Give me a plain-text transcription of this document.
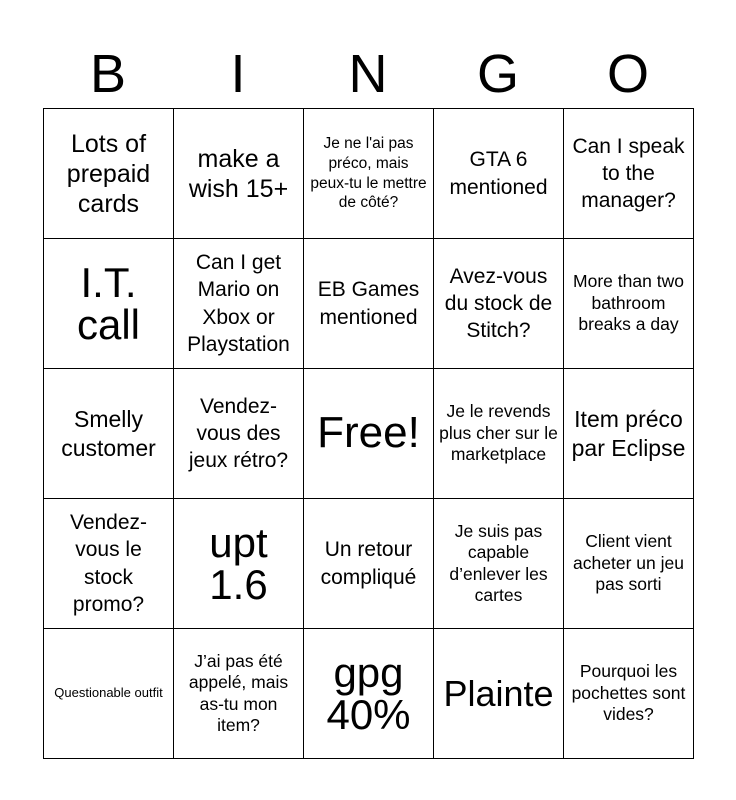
B	I	N	G	O
Lots of prepaid cards	make a wish 15+	Je ne l'ai pas préco, mais peux-tu le mettre de côté?	GTA 6 mentioned	Can I speak to the manager?

I.T. call	Can I get Mario on Xbox or Playstation	EB Games mentioned	Avez-vous du stock de Stitch?	More than two bathroom breaks a day

Smelly customer	Vendez-vous des jeux rétro?	Free!	Je le revends plus cher sur le marketplace	Item préco par Eclipse

Vendez-vous le stock promo?	upt 1.6	Un retour compliqué	Je suis pas capable d’enlever les cartes	Client vient acheter un jeu pas sorti

Questionable outfit	J’ai pas été appelé, mais as-tu mon item?	gpg 40%	Plainte	Pourquoi les pochettes sont vides?
